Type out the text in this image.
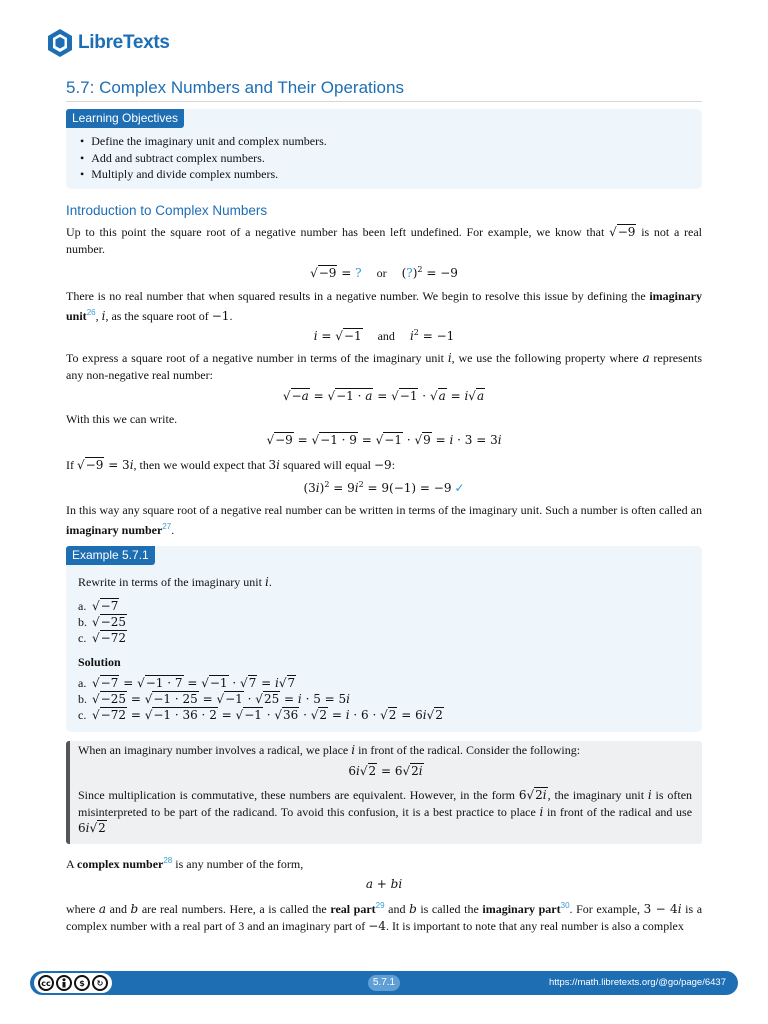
LibreTexts
5.7: Complex Numbers and Their Operations
Learning Objectives
• Define the imaginary unit and complex numbers.
• Add and subtract complex numbers.
• Multiply and divide complex numbers.
Introduction to Complex Numbers
Up to this point the square root of a negative number has been left undefined. For example, we know that √−9 is not a real number.
√−9 = ? or (?)$^2$ = −9
There is no real number that when squared results in a negative number. We begin to resolve this issue by defining the imaginary unit$^{26}$, i, as the square root of −1.
i = √−1 and $i^2 = -1$
To express a square root of a negative number in terms of the imaginary unit i, we use the following property where a represents any non-negative real number:
√−a = √−1 · a = √−1 · √a = i√a
With this we can write.
√−9 = √−1 · 9 = √−1 · √9 = i · 3 = 3i
If √−9 = 3i, then we would expect that 3i squared will equal −9:
$(3i)^2 = 9i^2 = 9(-1) = -9$ ✓
In this way any square root of a negative real number can be written in terms of the imaginary unit. Such a number is often called an imaginary number$^{27}$.
Example 5.7.1
Rewrite in terms of the imaginary unit i.
a. √−7
b. √−25
c. √−72
Solution
a. √−7 = √−1 · 7 = √−1 · √7 = i√7
b. √−25 = √−1 · 25 = √−1 · √25 = i · 5 = 5i
c. √−72 = √−1 · 36 · 2 = √−1 · √36 · √2 = i · 6 · √2 = 6i√2
When an imaginary number involves a radical, we place i in front of the radical. Consider the following:
6i√2 = 6√2i
Since multiplication is commutative, these numbers are equivalent. However, in the form 6√2i, the imaginary unit i is often misinterpreted to be part of the radicand. To avoid this confusion, it is a best practice to place i in front of the radical and use 6i√2
A complex number$^{28}$ is any number of the form,
a + bi
where a and b are real numbers. Here, a is called the real part$^{29}$ and b is called the imaginary part$^{30}$. For example, 3 − 4i is a complex number with a real part of 3 and an imaginary part of −4. It is important to note that any real number is also a complex
cc	$	↻	5.7.1	https://math.libretexts.org/@go/page/6437
